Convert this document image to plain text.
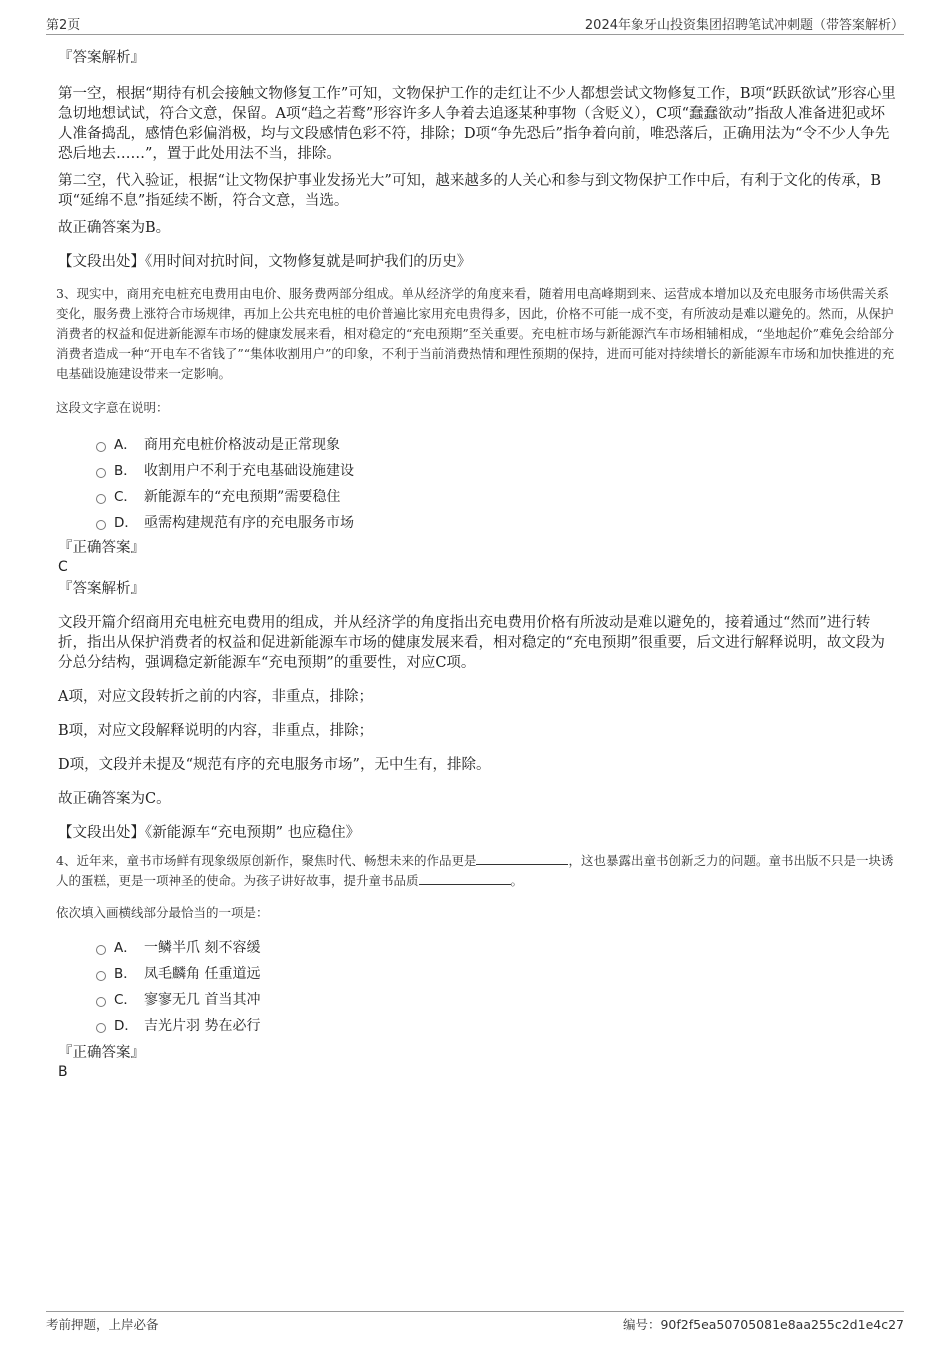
第2页	2024年象牙山投资集团招聘笔试冲刺题（带答案解析）

『答案解析』

第一空，根据“期待有机会接触文物修复工作”可知，文物保护工作的走红让不少人都想尝试文物修复工作，B项“跃跃欲试”形容心里急切地想试试，符合文意，保留。A项“趋之若鹜”形容许多人争着去追逐某种事物（含贬义），C项“蠢蠢欲动”指敌人准备进犯或坏人准备捣乱，感情色彩偏消极，均与文段感情色彩不符，排除；D项“争先恐后”指争着向前，唯恐落后，正确用法为“令不少人争先恐后地去……”，置于此处用法不当，排除。

第二空，代入验证，根据“让文物保护事业发扬光大”可知，越来越多的人关心和参与到文物保护工作中后，有利于文化的传承，B项“延绵不息”指延续不断，符合文意，当选。

故正确答案为B。

【文段出处】《用时间对抗时间，文物修复就是呵护我们的历史》

3、现实中，商用充电桩充电费用由电价、服务费两部分组成。单从经济学的角度来看，随着用电高峰期到来、运营成本增加以及充电服务市场供需关系变化，服务费上涨符合市场规律，再加上公共充电桩的电价普遍比家用充电贵得多，因此，价格不可能一成不变，有所波动是难以避免的。然而，从保护消费者的权益和促进新能源车市场的健康发展来看，相对稳定的“充电预期”至关重要。充电桩市场与新能源汽车市场相辅相成，“坐地起价”难免会给部分消费者造成一种“开电车不省钱了”“集体收割用户”的印象，不利于当前消费热情和理性预期的保持，进而可能对持续增长的新能源车市场和加快推进的充电基础设施建设带来一定影响。

这段文字意在说明：

A． 商用充电桩价格波动是正常现象
B． 收割用户不利于充电基础设施建设
C． 新能源车的“充电预期”需要稳住
D． 亟需构建规范有序的充电服务市场

『正确答案』

C

『答案解析』

文段开篇介绍商用充电桩充电费用的组成，并从经济学的角度指出充电费用价格有所波动是难以避免的，接着通过“然而”进行转折，指出从保护消费者的权益和促进新能源车市场的健康发展来看，相对稳定的“充电预期”很重要，后文进行解释说明，故文段为分总分结构，强调稳定新能源车“充电预期”的重要性，对应C项。

A项，对应文段转折之前的内容，非重点，排除；

B项，对应文段解释说明的内容，非重点，排除；

D项，文段并未提及“规范有序的充电服务市场”，无中生有，排除。

故正确答案为C。

【文段出处】《新能源车“充电预期” 也应稳住》

4、近年来，童书市场鲜有现象级原创新作，聚焦时代、畅想未来的作品更是	，这也暴露出童书创新乏力的问题。童书出版不只是一块诱人的蛋糕，更是一项神圣的使命。为孩子讲好故事，提升童书品质	。

依次填入画横线部分最恰当的一项是：

A． 一鳞半爪 刻不容缓
B． 凤毛麟角 任重道远
C． 寥寥无几 首当其冲
D． 吉光片羽 势在必行

『正确答案』

B

考前押题，上岸必备	编号：90f2f5ea50705081e8aa255c2d1e4c27
